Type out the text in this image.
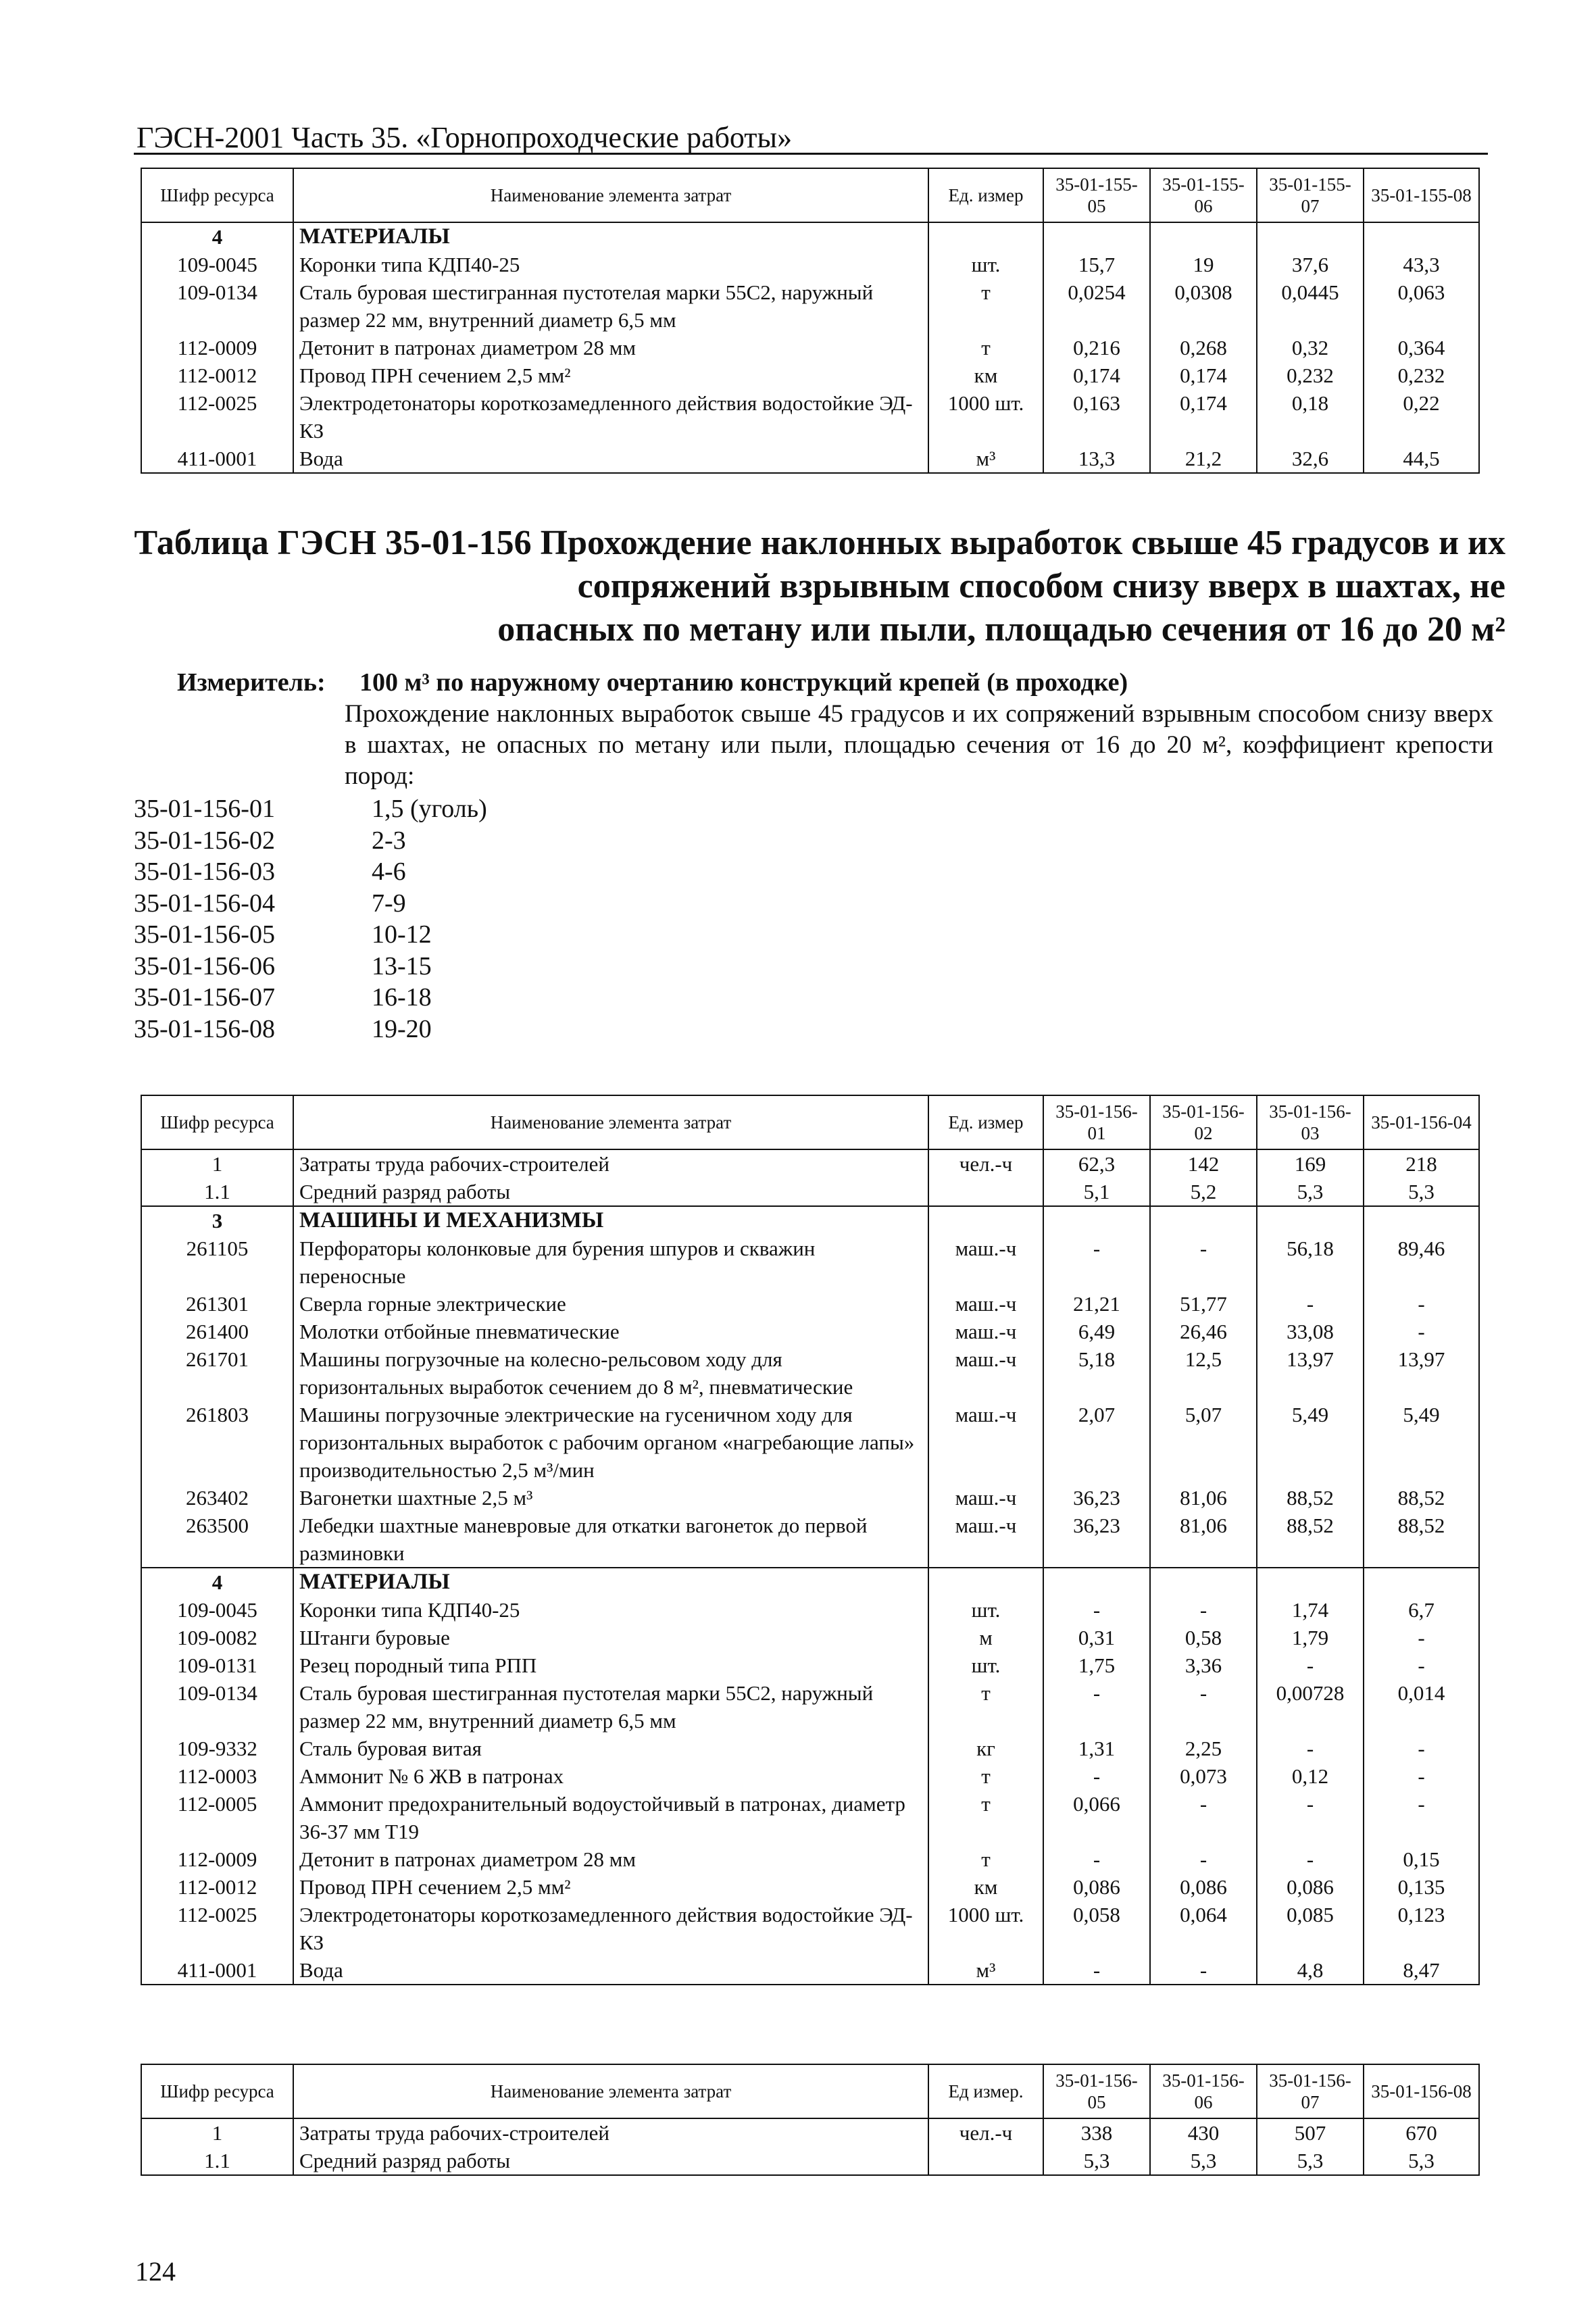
ГЭСН-2001 Часть 35. «Горнопроходческие работы»
Шифр ресурса	Наименование элемента затрат	Ед. измер	35-01-155-05	35-01-155-06	35-01-155-07	35-01-155-08
4	МАТЕРИАЛЫ					
109-0045	Коронки типа КДП40-25	шт.	15,7	19	37,6	43,3
109-0134	Сталь буровая шестигранная пустотелая марки 55С2, наружный размер 22 мм, внутренний диаметр 6,5 мм	т	0,0254	0,0308	0,0445	0,063
112-0009	Детонит в патронах диаметром 28 мм	т	0,216	0,268	0,32	0,364
112-0012	Провод ПРН сечением 2,5 мм²	км	0,174	0,174	0,232	0,232
112-0025	Электродетонаторы короткозамедленного действия водостойкие ЭД-КЗ	1000 шт.	0,163	0,174	0,18	0,22
411-0001	Вода	м³	13,3	21,2	32,6	44,5
Таблица ГЭСН 35-01-156 Прохождение наклонных выработок свыше 45 градусов и их
сопряжений взрывным способом снизу вверх в шахтах, не
опасных по метану или пыли, площадью сечения от 16 до 20 м²
Измеритель: 100 м³ по наружному очертанию конструкций крепей (в проходке)
Прохождение наклонных выработок свыше 45 градусов и их сопряжений взрывным способом снизу вверх в шахтах, не опасных по метану или пыли, площадью сечения от 16 до 20 м², коэффициент крепости пород:
35-01-156-01	1,5 (уголь)
35-01-156-02	2-3
35-01-156-03	4-6
35-01-156-04	7-9
35-01-156-05	10-12
35-01-156-06	13-15
35-01-156-07	16-18
35-01-156-08	19-20
Шифр ресурса	Наименование элемента затрат	Ед. измер	35-01-156-01	35-01-156-02	35-01-156-03	35-01-156-04
1	Затраты труда рабочих-строителей	чел.-ч	62,3	142	169	218
1.1	Средний разряд работы		5,1	5,2	5,3	5,3
3	МАШИНЫ И МЕХАНИЗМЫ					
261105	Перфораторы колонковые для бурения шпуров и скважин переносные	маш.-ч	-	-	56,18	89,46
261301	Сверла горные электрические	маш.-ч	21,21	51,77	-	-
261400	Молотки отбойные пневматические	маш.-ч	6,49	26,46	33,08	-
261701	Машины погрузочные на колесно-рельсовом ходу для горизонтальных выработок сечением до 8 м², пневматические	маш.-ч	5,18	12,5	13,97	13,97
261803	Машины погрузочные электрические на гусеничном ходу для горизонтальных выработок с рабочим органом «нагребающие лапы» производительностью 2,5 м³/мин	маш.-ч	2,07	5,07	5,49	5,49
263402	Вагонетки шахтные 2,5 м³	маш.-ч	36,23	81,06	88,52	88,52
263500	Лебедки шахтные маневровые для откатки вагонеток до первой разминовки	маш.-ч	36,23	81,06	88,52	88,52
4	МАТЕРИАЛЫ					
109-0045	Коронки типа КДП40-25	шт.	-	-	1,74	6,7
109-0082	Штанги буровые	м	0,31	0,58	1,79	-
109-0131	Резец породный типа РПП	шт.	1,75	3,36	-	-
109-0134	Сталь буровая шестигранная пустотелая марки 55С2, наружный размер 22 мм, внутренний диаметр 6,5 мм	т	-	-	0,00728	0,014
109-9332	Сталь буровая витая	кг	1,31	2,25	-	-
112-0003	Аммонит № 6 ЖВ в патронах	т	-	0,073	0,12	-
112-0005	Аммонит предохранительный водоустойчивый в патронах, диаметр 36-37 мм Т19	т	0,066	-	-	-
112-0009	Детонит в патронах диаметром 28 мм	т	-	-	-	0,15
112-0012	Провод ПРН сечением 2,5 мм²	км	0,086	0,086	0,086	0,135
112-0025	Электродетонаторы короткозамедленного действия водостойкие ЭД-КЗ	1000 шт.	0,058	0,064	0,085	0,123
411-0001	Вода	м³	-	-	4,8	8,47
Шифр ресурса	Наименование элемента затрат	Ед измер.	35-01-156-05	35-01-156-06	35-01-156-07	35-01-156-08
1	Затраты труда рабочих-строителей	чел.-ч	338	430	507	670
1.1	Средний разряд работы		5,3	5,3	5,3	5,3
124
